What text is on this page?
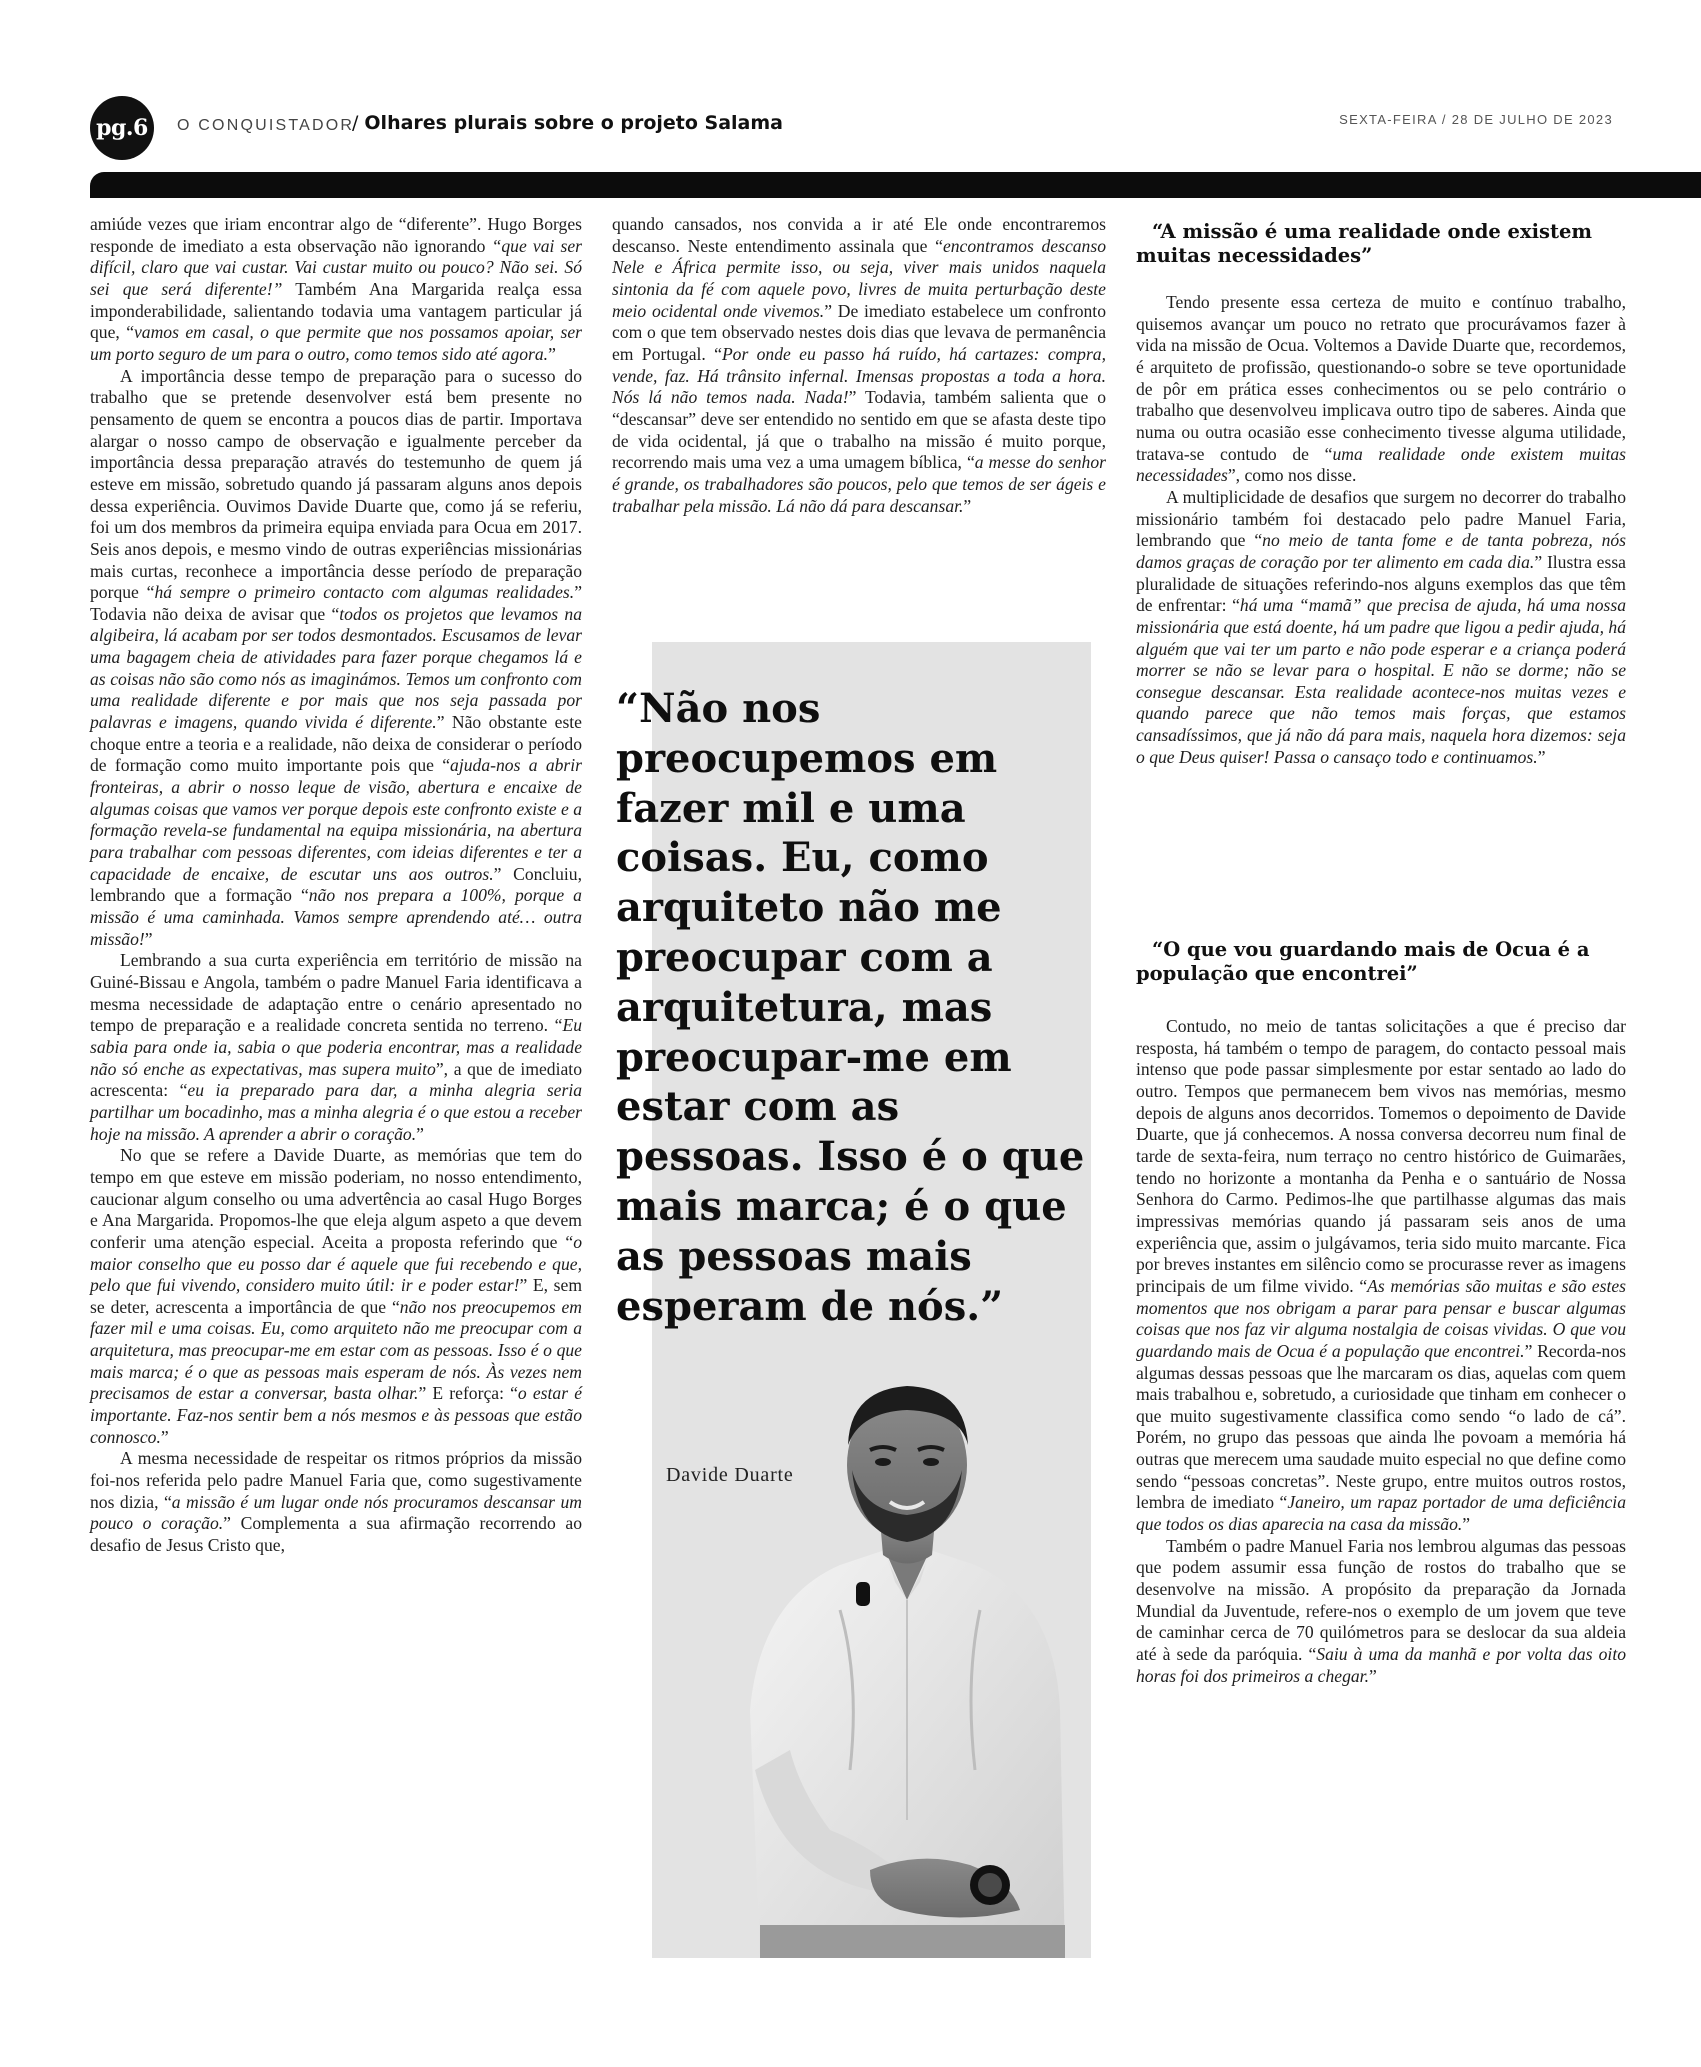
pg.6	O CONQUISTADOR
/ Olhares plurais sobre o projeto Salama	SEXTA-FEIRA / 28 DE JULHO DE 2023

amiúde vezes que iriam encontrar algo de “diferente”. Hugo Borges responde de imediato a esta observação não ignorando “que vai ser difícil, claro que vai custar. Vai custar muito ou pouco? Não sei. Só sei que será diferente!” Também Ana Margarida realça essa imponderabilidade, salientando todavia uma vantagem particular já que, “vamos em casal, o que permite que nos possamos apoiar, ser um porto seguro de um para o outro, como temos sido até agora.”

A importância desse tempo de preparação para o sucesso do trabalho que se pretende desenvolver está bem presente no pensamento de quem se encontra a poucos dias de partir. Importava alargar o nosso campo de observação e igualmente perceber da importância dessa preparação através do testemunho de quem já esteve em missão, sobretudo quando já passaram alguns anos depois dessa experiência. Ouvimos Davide Duarte que, como já se referiu, foi um dos membros da primeira equipa enviada para Ocua em 2017. Seis anos depois, e mesmo vindo de outras experiências missionárias mais curtas, reconhece a importância desse período de preparação porque “há sempre o primeiro contacto com algumas realidades.” Todavia não deixa de avisar que “todos os projetos que levamos na algibeira, lá acabam por ser todos desmontados. Escusamos de levar uma bagagem cheia de atividades para fazer porque chegamos lá e as coisas não são como nós as imaginámos. Temos um confronto com uma realidade diferente e por mais que nos seja passada por palavras e imagens, quando vivida é diferente.” Não obstante este choque entre a teoria e a realidade, não deixa de considerar o período de formação como muito importante pois que “ajuda-nos a abrir fronteiras, a abrir o nosso leque de visão, abertura e encaixe de algumas coisas que vamos ver porque depois este confronto existe e a formação revela-se fundamental na equipa missionária, na abertura para trabalhar com pessoas diferentes, com ideias diferentes e ter a capacidade de encaixe, de escutar uns aos outros.” Concluiu, lembrando que a formação “não nos prepara a 100%, porque a missão é uma caminhada. Vamos sempre aprendendo até… outra missão!”

Lembrando a sua curta experiência em território de missão na Guiné-Bissau e Angola, também o padre Manuel Faria identificava a mesma necessidade de adaptação entre o cenário apresentado no tempo de preparação e a realidade concreta sentida no terreno. “Eu sabia para onde ia, sabia o que poderia encontrar, mas a realidade não só enche as expectativas, mas supera muito”, a que de imediato acrescenta: “eu ia preparado para dar, a minha alegria seria partilhar um bocadinho, mas a minha alegria é o que estou a receber hoje na missão. A aprender a abrir o coração.”

No que se refere a Davide Duarte, as memórias que tem do tempo em que esteve em missão poderiam, no nosso entendimento, caucionar algum conselho ou uma advertência ao casal Hugo Borges e Ana Margarida. Propomos-lhe que eleja algum aspeto a que devem conferir uma atenção especial. Aceita a proposta referindo que “o maior conselho que eu posso dar é aquele que fui recebendo e que, pelo que fui vivendo, considero muito útil: ir e poder estar!” E, sem se deter, acrescenta a importância de que “não nos preocupemos em fazer mil e uma coisas. Eu, como arquiteto não me preocupar com a arquitetura, mas preocupar-me em estar com as pessoas. Isso é o que mais marca; é o que as pessoas mais esperam de nós. Às vezes nem precisamos de estar a conversar, basta olhar.” E reforça: “o estar é importante. Faz-nos sentir bem a nós mesmos e às pessoas que estão connosco.”

A mesma necessidade de respeitar os ritmos próprios da missão foi-nos referida pelo padre Manuel Faria que, como sugestivamente nos dizia, “a missão é um lugar onde nós procuramos descansar um pouco o coração.” Complementa a sua afirmação recorrendo ao desafio de Jesus Cristo que,

quando cansados, nos convida a ir até Ele onde encontraremos descanso. Neste entendimento assinala que “encontramos descanso Nele e África permite isso, ou seja, viver mais unidos naquela sintonia da fé com aquele povo, livres de muita perturbação deste meio ocidental onde vivemos.” De imediato estabelece um confronto com o que tem observado nestes dois dias que levava de permanência em Portugal. “Por onde eu passo há ruído, há cartazes: compra, vende, faz. Há trânsito infernal. Imensas propostas a toda a hora. Nós lá não temos nada. Nada!” Todavia, também salienta que o “descansar” deve ser entendido no sentido em que se afasta deste tipo de vida ocidental, já que o trabalho na missão é muito porque, recorrendo mais uma vez a uma umagem bíblica, “a messe do senhor é grande, os trabalhadores são poucos, pelo que temos de ser ágeis e trabalhar pela missão. Lá não dá para descansar.”

“Não nos preocupemos em fazer mil e uma coisas. Eu, como arquiteto não me preocupar com a arquitetura, mas preocupar-me em estar com as pessoas. Isso é o que mais marca; é o que as pessoas mais esperam de nós.”
Davide Duarte
“A missão é uma realidade onde existem muitas necessidades”

Tendo presente essa certeza de muito e contínuo trabalho, quisemos avançar um pouco no retrato que procurávamos fazer à vida na missão de Ocua. Voltemos a Davide Duarte que, recordemos, é arquiteto de profissão, questionando-o sobre se teve oportunidade de pôr em prática esses conhecimentos ou se pelo contrário o trabalho que desenvolveu implicava outro tipo de saberes. Ainda que numa ou outra ocasião esse conhecimento tivesse alguma utilidade, tratava-se contudo de “uma realidade onde existem muitas necessidades”, como nos disse.

A multiplicidade de desafios que surgem no decorrer do trabalho missionário também foi destacado pelo padre Manuel Faria, lembrando que “no meio de tanta fome e de tanta pobreza, nós damos graças de coração por ter alimento em cada dia.” Ilustra essa pluralidade de situações referindo-nos alguns exemplos das que têm de enfrentar: “há uma “mamã” que precisa de ajuda, há uma nossa missionária que está doente, há um padre que ligou a pedir ajuda, há alguém que vai ter um parto e não pode esperar e a criança poderá morrer se não se levar para o hospital. E não se dorme; não se consegue descansar. Esta realidade acontece-nos muitas vezes e quando parece que não temos mais forças, que estamos cansadíssimos, que já não dá para mais, naquela hora dizemos: seja o que Deus quiser! Passa o cansaço todo e continuamos.”

“O que vou guardando mais de Ocua é a população que encontrei”

Contudo, no meio de tantas solicitações a que é preciso dar resposta, há também o tempo de paragem, do contacto pessoal mais intenso que pode passar simplesmente por estar sentado ao lado do outro. Tempos que permanecem bem vivos nas memórias, mesmo depois de alguns anos decorridos. Tomemos o depoimento de Davide Duarte, que já conhecemos. A nossa conversa decorreu num final de tarde de sexta-feira, num terraço no centro histórico de Guimarães, tendo no horizonte a montanha da Penha e o santuário de Nossa Senhora do Carmo. Pedimos-lhe que partilhasse algumas das mais impressivas memórias quando já passaram seis anos de uma experiência que, assim o julgávamos, teria sido muito marcante. Fica por breves instantes em silêncio como se procurasse rever as imagens principais de um filme vivido. “As memórias são muitas e são estes momentos que nos obrigam a parar para pensar e buscar algumas coisas que nos faz vir alguma nostalgia de coisas vividas. O que vou guardando mais de Ocua é a população que encontrei.” Recorda-nos algumas dessas pessoas que lhe marcaram os dias, aquelas com quem mais trabalhou e, sobretudo, a curiosidade que tinham em conhecer o que muito sugestivamente classifica como sendo “o lado de cá”. Porém, no grupo das pessoas que ainda lhe povoam a memória há outras que merecem uma saudade muito especial no que define como sendo “pessoas concretas”. Neste grupo, entre muitos outros rostos, lembra de imediato “Janeiro, um rapaz portador de uma deficiência que todos os dias aparecia na casa da missão.”

Também o padre Manuel Faria nos lembrou algumas das pessoas que podem assumir essa função de rostos do trabalho que se desenvolve na missão. A propósito da preparação da Jornada Mundial da Juventude, refere-nos o exemplo de um jovem que teve de caminhar cerca de 70 quilómetros para se deslocar da sua aldeia até à sede da paróquia. “Saiu à uma da manhã e por volta das oito horas foi dos primeiros a chegar.”
